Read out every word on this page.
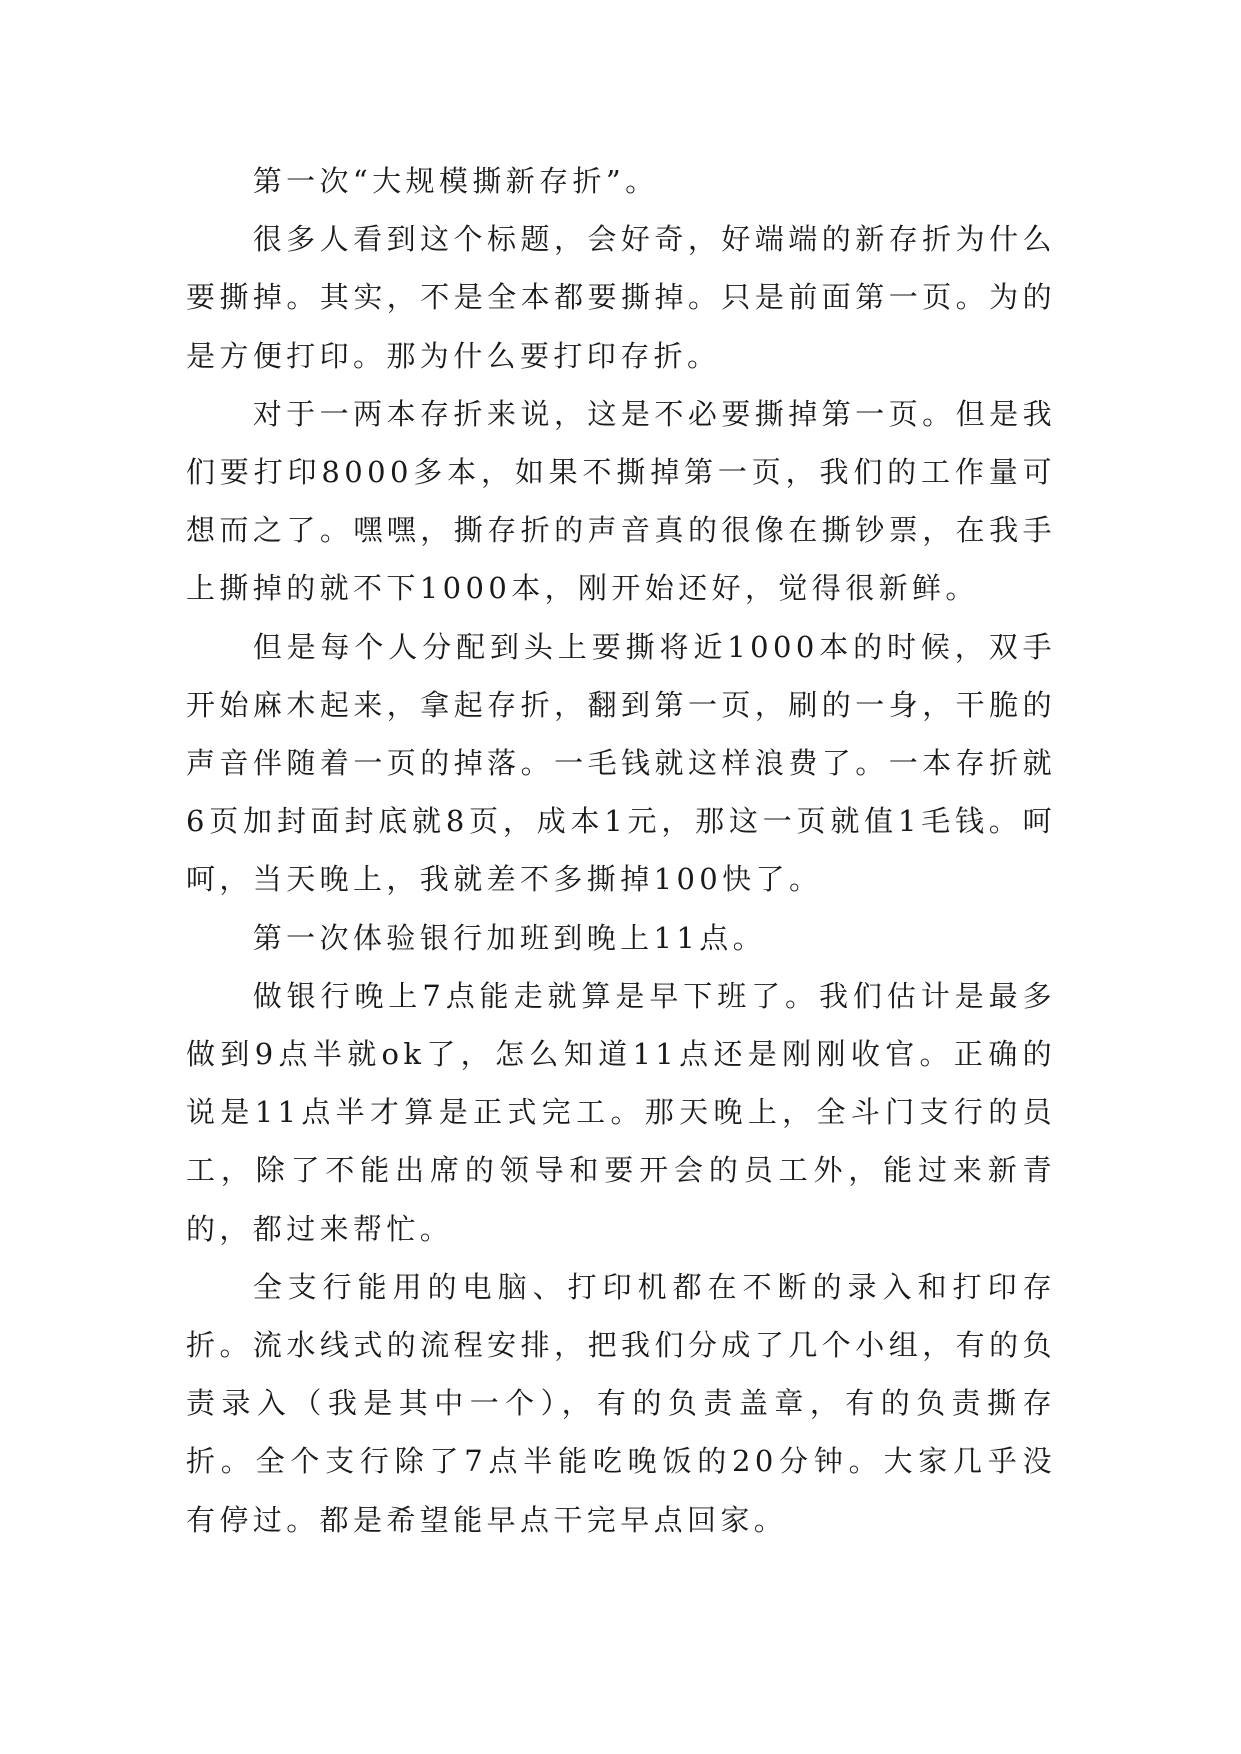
第一次“大规模撕新存折”。

很多人看到这个标题，会好奇，好端端的新存折为什么要撕掉。其实，不是全本都要撕掉。只是前面第一页。为的是方便打印。那为什么要打印存折。

对于一两本存折来说，这是不必要撕掉第一页。但是我们要打印8000多本，如果不撕掉第一页，我们的工作量可想而之了。嘿嘿，撕存折的声音真的很像在撕钞票，在我手上撕掉的就不下1000本，刚开始还好，觉得很新鲜。

但是每个人分配到头上要撕将近1000本的时候，双手开始麻木起来，拿起存折，翻到第一页，刷的一身，干脆的声音伴随着一页的掉落。一毛钱就这样浪费了。一本存折就6页加封面封底就8页，成本1元，那这一页就值1毛钱。呵呵，当天晚上，我就差不多撕掉100快了。

第一次体验银行加班到晚上11点。

做银行晚上7点能走就算是早下班了。我们估计是最多做到9点半就ok了，怎么知道11点还是刚刚收官。正确的说是11点半才算是正式完工。那天晚上，全斗门支行的员工，除了不能出席的领导和要开会的员工外，能过来新青的，都过来帮忙。

全支行能用的电脑、打印机都在不断的录入和打印存折。流水线式的流程安排，把我们分成了几个小组，有的负责录入（我是其中一个），有的负责盖章，有的负责撕存折。全个支行除了7点半能吃晚饭的20分钟。大家几乎没有停过。都是希望能早点干完早点回家。
